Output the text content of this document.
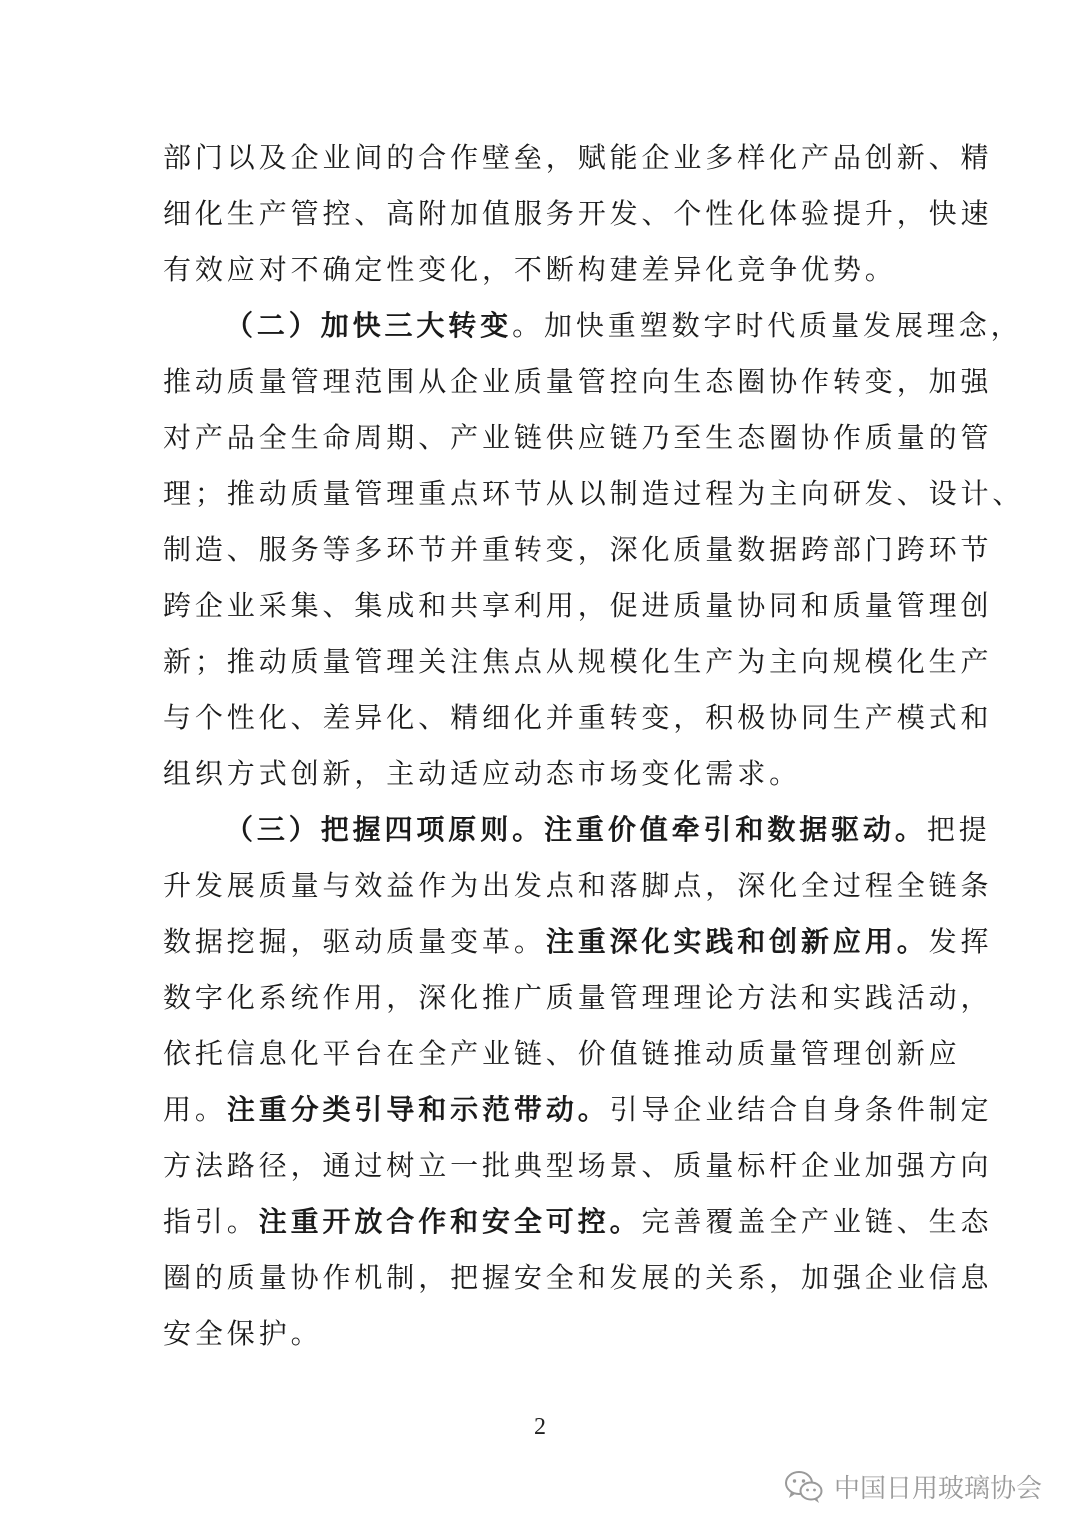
部门以及企业间的合作壁垒，赋能企业多样化产品创新、精
细化生产管控、高附加值服务开发、个性化体验提升，快速
有效应对不确定性变化，不断构建差异化竞争优势。
（二）加快三大转变。加快重塑数字时代质量发展理念，
推动质量管理范围从企业质量管控向生态圈协作转变，加强
对产品全生命周期、产业链供应链乃至生态圈协作质量的管
理；推动质量管理重点环节从以制造过程为主向研发、设计、
制造、服务等多环节并重转变，深化质量数据跨部门跨环节
跨企业采集、集成和共享利用，促进质量协同和质量管理创
新；推动质量管理关注焦点从规模化生产为主向规模化生产
与个性化、差异化、精细化并重转变，积极协同生产模式和
组织方式创新，主动适应动态市场变化需求。
（三）把握四项原则。注重价值牵引和数据驱动。把提
升发展质量与效益作为出发点和落脚点，深化全过程全链条
数据挖掘，驱动质量变革。注重深化实践和创新应用。发挥
数字化系统作用，深化推广质量管理理论方法和实践活动，
依托信息化平台在全产业链、价值链推动质量管理创新应
用。注重分类引导和示范带动。引导企业结合自身条件制定
方法路径，通过树立一批典型场景、质量标杆企业加强方向
指引。注重开放合作和安全可控。完善覆盖全产业链、生态
圈的质量协作机制，把握安全和发展的关系，加强企业信息
安全保护。
2
中国日用玻璃协会
